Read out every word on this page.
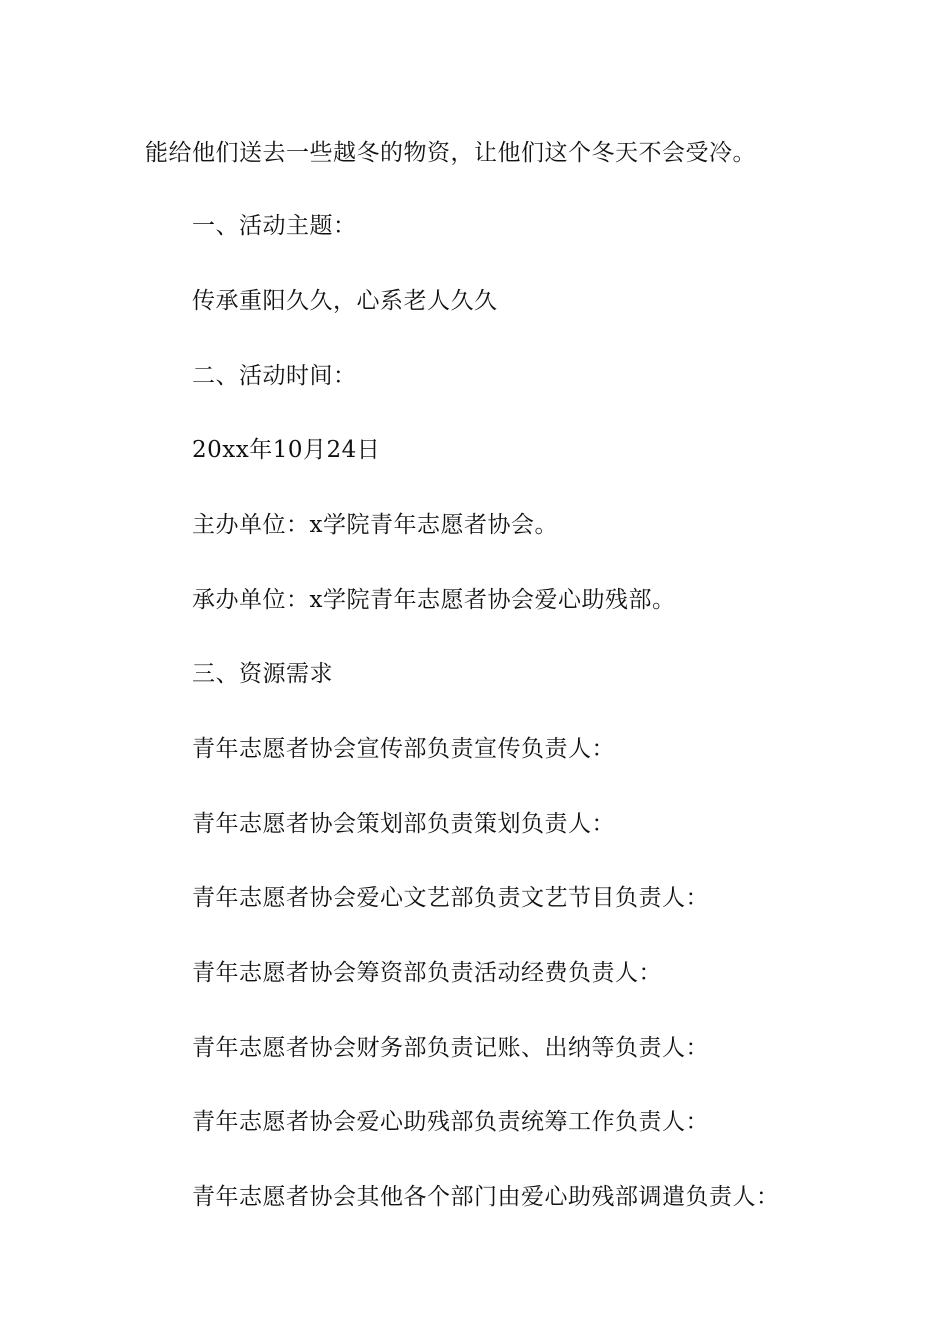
能给他们送去一些越冬的物资，让他们这个冬天不会受冷。
一、活动主题：
传承重阳久久，心系老人久久
二、活动时间：
20xx年10月24日
主办单位：x学院青年志愿者协会。
承办单位：x学院青年志愿者协会爱心助残部。
三、资源需求
青年志愿者协会宣传部负责宣传负责人：
青年志愿者协会策划部负责策划负责人：
青年志愿者协会爱心文艺部负责文艺节目负责人：
青年志愿者协会筹资部负责活动经费负责人：
青年志愿者协会财务部负责记账、出纳等负责人：
青年志愿者协会爱心助残部负责统筹工作负责人：
青年志愿者协会其他各个部门由爱心助残部调遣负责人：
